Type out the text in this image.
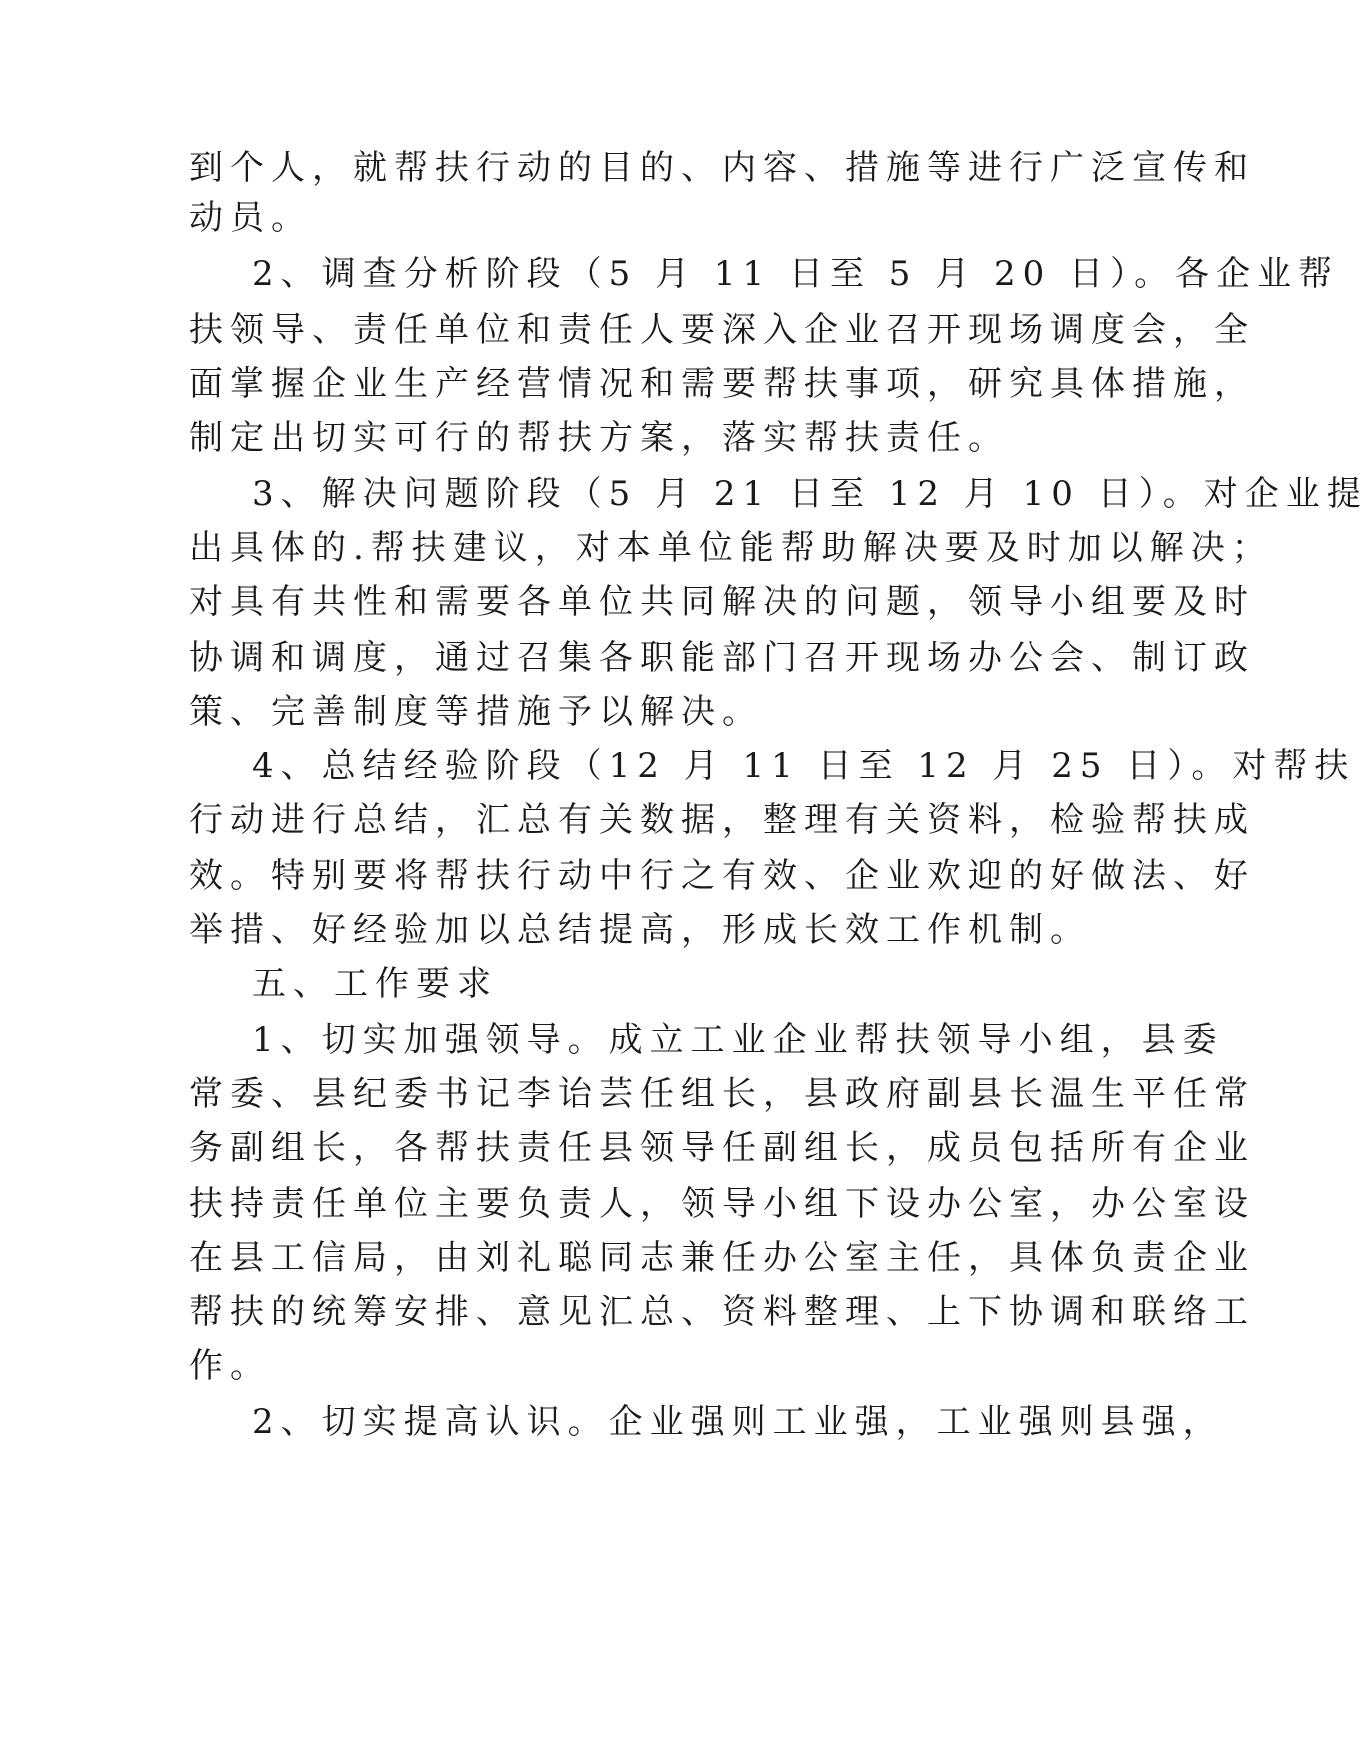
到个人，就帮扶行动的目的、内容、措施等进行广泛宣传和
动员。
2、调查分析阶段（5 月 11 日至 5 月 20 日）。各企业帮
扶领导、责任单位和责任人要深入企业召开现场调度会，全
面掌握企业生产经营情况和需要帮扶事项，研究具体措施，
制定出切实可行的帮扶方案，落实帮扶责任。
3、解决问题阶段（5 月 21 日至 12 月 10 日）。对企业提
出具体的.帮扶建议，对本单位能帮助解决要及时加以解决；
对具有共性和需要各单位共同解决的问题，领导小组要及时
协调和调度，通过召集各职能部门召开现场办公会、制订政
策、完善制度等措施予以解决。
4、总结经验阶段（12 月 11 日至 12 月 25 日）。对帮扶
行动进行总结，汇总有关数据，整理有关资料，检验帮扶成
效。特别要将帮扶行动中行之有效、企业欢迎的好做法、好
举措、好经验加以总结提高，形成长效工作机制。
五、工作要求
1、切实加强领导。成立工业企业帮扶领导小组，县委
常委、县纪委书记李诒芸任组长，县政府副县长温生平任常
务副组长，各帮扶责任县领导任副组长，成员包括所有企业
扶持责任单位主要负责人，领导小组下设办公室，办公室设
在县工信局，由刘礼聪同志兼任办公室主任，具体负责企业
帮扶的统筹安排、意见汇总、资料整理、上下协调和联络工
作。
2、切实提高认识。企业强则工业强，工业强则县强，
